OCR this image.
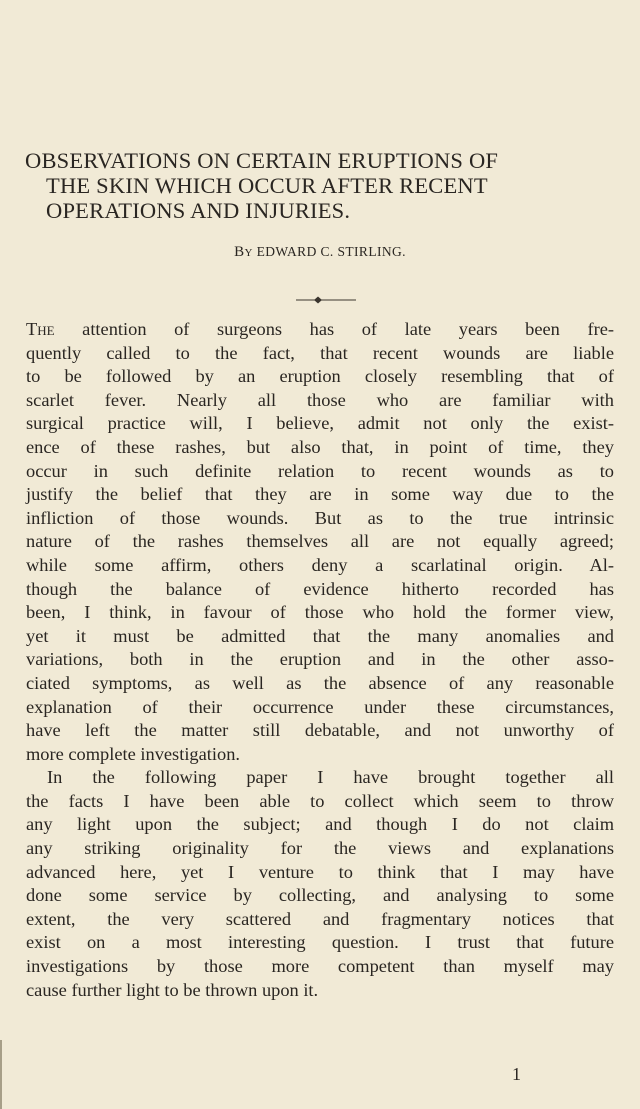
OBSERVATIONS ON CERTAIN ERUPTIONS OF
THE SKIN WHICH OCCUR AFTER RECENT
OPERATIONS AND INJURIES.
By EDWARD C. STIRLING.
The attention of surgeons has of late years been fre-
quently called to the fact, that recent wounds are liable
to be followed by an eruption closely resembling that of
scarlet fever. Nearly all those who are familiar with
surgical practice will, I believe, admit not only the exist-
ence of these rashes, but also that, in point of time, they
occur in such definite relation to recent wounds as to
justify the belief that they are in some way due to the
infliction of those wounds. But as to the true intrinsic
nature of the rashes themselves all are not equally agreed;
while some affirm, others deny a scarlatinal origin. Al-
though the balance of evidence hitherto recorded has
been, I think, in favour of those who hold the former view,
yet it must be admitted that the many anomalies and
variations, both in the eruption and in the other asso-
ciated symptoms, as well as the absence of any reasonable
explanation of their occurrence under these circumstances,
have left the matter still debatable, and not unworthy of
more complete investigation.
In the following paper I have brought together all
the facts I have been able to collect which seem to throw
any light upon the subject; and though I do not claim
any striking originality for the views and explanations
advanced here, yet I venture to think that I may have
done some service by collecting, and analysing to some
extent, the very scattered and fragmentary notices that
exist on a most interesting question. I trust that future
investigations by those more competent than myself may
cause further light to be thrown upon it.
1
